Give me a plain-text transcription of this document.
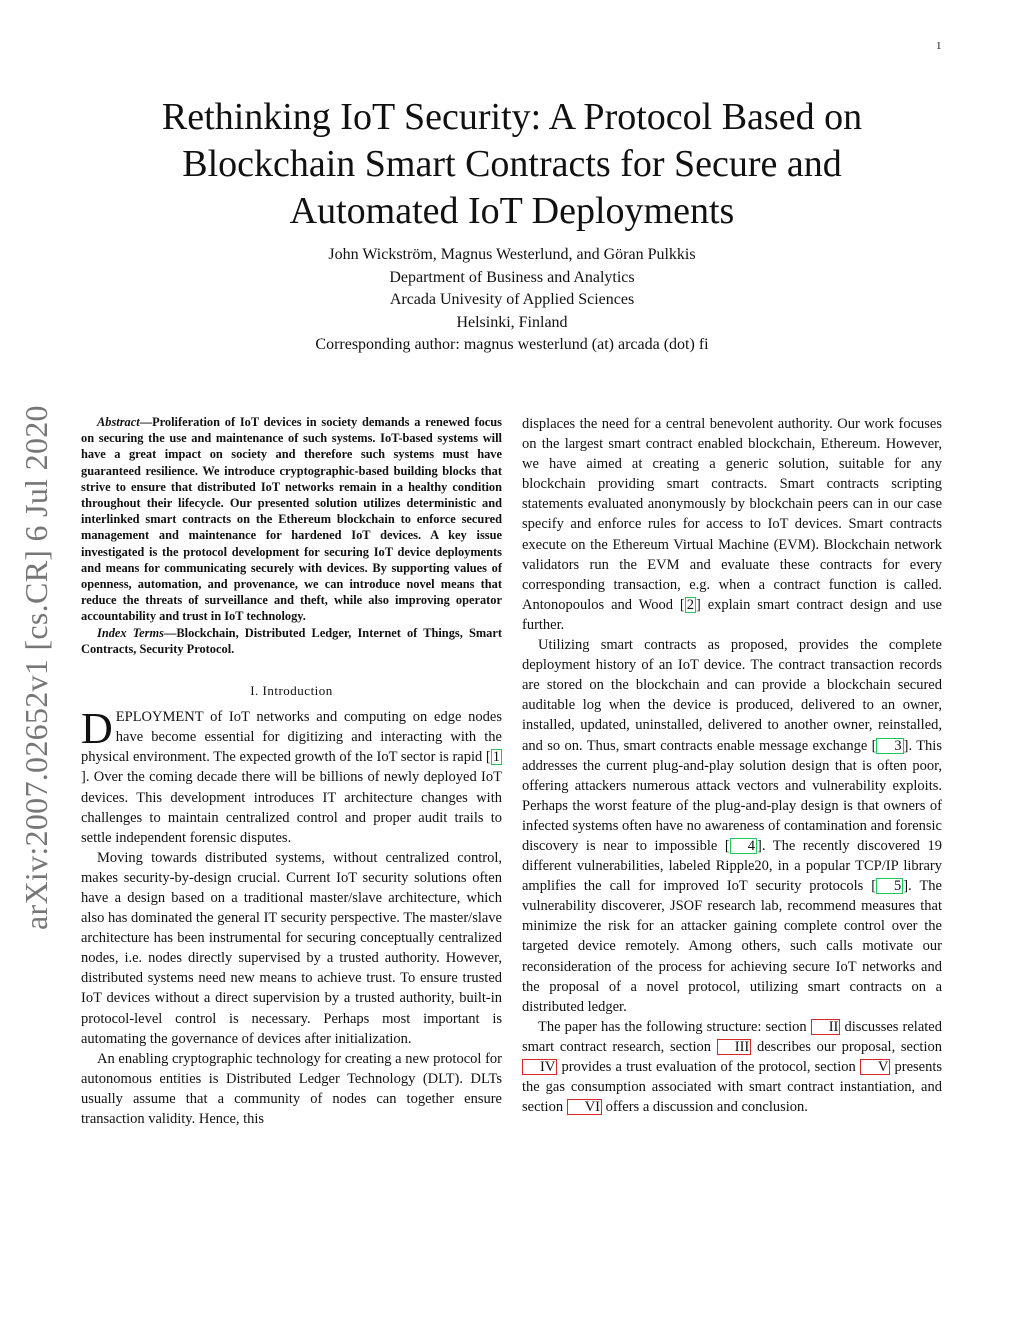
1
arXiv:2007.02652v1 [cs.CR] 6 Jul 2020
Rethinking IoT Security: A Protocol Based on
Blockchain Smart Contracts for Secure and
Automated IoT Deployments
John Wickström, Magnus Westerlund, and Göran Pulkkis
Department of Business and Analytics
Arcada Univesity of Applied Sciences
Helsinki, Finland
Corresponding author: magnus westerlund (at) arcada (dot) fi

Abstract—Proliferation of IoT devices in society demands a renewed focus on securing the use and maintenance of such systems. IoT-based systems will have a great impact on society and therefore such systems must have guaranteed resilience. We introduce cryptographic-based building blocks that strive to ensure that distributed IoT networks remain in a healthy condition throughout their lifecycle. Our presented solution utilizes deterministic and interlinked smart contracts on the Ethereum blockchain to enforce secured management and maintenance for hardened IoT devices. A key issue investigated is the protocol development for securing IoT device deployments and means for communicating securely with devices. By supporting values of openness, automation, and provenance, we can introduce novel means that reduce the threats of surveillance and theft, while also improving operator accountability and trust in IoT technology.

Index Terms—Blockchain, Distributed Ledger, Internet of Things, Smart Contracts, Security Protocol.

I. Introduction

DEPLOYMENT of IoT networks and computing on edge nodes have become essential for digitizing and interacting with the physical environment. The expected growth of the IoT sector is rapid [ 1]. Over the coming decade there will be billions of newly deployed IoT devices. This development introduces IT architecture changes with challenges to maintain centralized control and proper audit trails to settle independent forensic disputes.

Moving towards distributed systems, without centralized control, makes security-by-design crucial. Current IoT security solutions often have a design based on a traditional master/slave architecture, which also has dominated the general IT security perspective. The master/slave architecture has been instrumental for securing conceptually centralized nodes, i.e. nodes directly supervised by a trusted authority. However, distributed systems need new means to achieve trust. To ensure trusted IoT devices without a direct supervision by a trusted authority, built-in protocol-level control is necessary. Perhaps most important is automating the governance of devices after initialization.

An enabling cryptographic technology for creating a new protocol for autonomous entities is Distributed Ledger Technology (DLT). DLTs usually assume that a community of nodes can together ensure transaction validity. Hence, this

displaces the need for a central benevolent authority. Our work focuses on the largest smart contract enabled blockchain, Ethereum. However, we have aimed at creating a generic solution, suitable for any blockchain providing smart contracts. Smart contracts scripting statements evaluated anonymously by blockchain peers can in our case specify and enforce rules for access to IoT devices. Smart contracts execute on the Ethereum Virtual Machine (EVM). Blockchain network validators run the EVM and evaluate these contracts for every corresponding transaction, e.g. when a contract function is called. Antonopoulos and Wood [ 2 ] explain smart contract design and use further.

Utilizing smart contracts as proposed, provides the complete deployment history of an IoT device. The contract transaction records are stored on the blockchain and can provide a blockchain secured auditable log when the device is produced, delivered to an owner, installed, updated, uninstalled, delivered to another owner, reinstalled, and so on. Thus, smart contracts enable message exchange [ 3 ]. This addresses the current plug-and-play solution design that is often poor, offering attackers numerous attack vectors and vulnerability exploits. Perhaps the worst feature of the plug-and-play design is that owners of infected systems often have no awareness of contamination and forensic discovery is near to impossible [ 4 ]. The recently discovered 19 different vulnerabilities, labeled Ripple20, in a popular TCP/IP library amplifies the call for improved IoT security protocols [ 5 ]. The vulnerability discoverer, JSOF research lab, recommend measures that minimize the risk for an attacker gaining complete control over the targeted device remotely. Among others, such calls motivate our reconsideration of the process for achieving secure IoT networks and the proposal of a novel protocol, utilizing smart contracts on a distributed ledger.

The paper has the following structure: section II discusses related smart contract research, section III describes our proposal, section IV provides a trust evaluation of the protocol, section V presents the gas consumption associated with smart contract instantiation, and section VI offers a discussion and conclusion.
